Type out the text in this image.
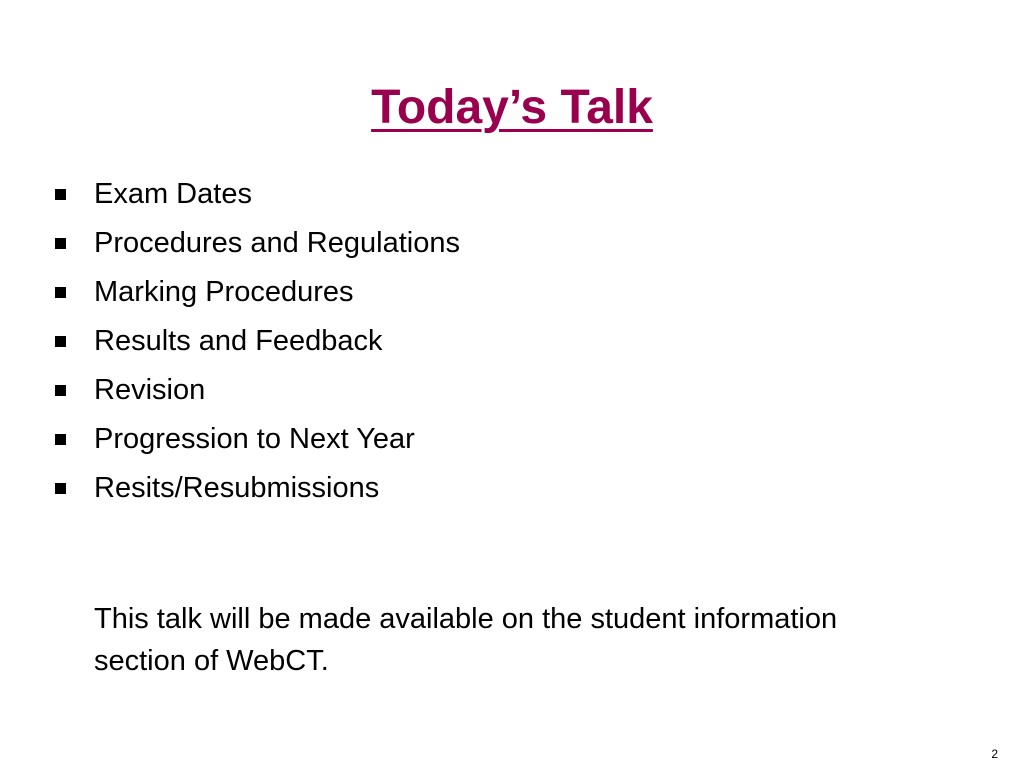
Today’s Talk
Exam Dates
Procedures and Regulations
Marking Procedures
Results and Feedback
Revision
Progression to Next Year
Resits/Resubmissions

This talk will be made available on the student information
section of WebCT.

2
